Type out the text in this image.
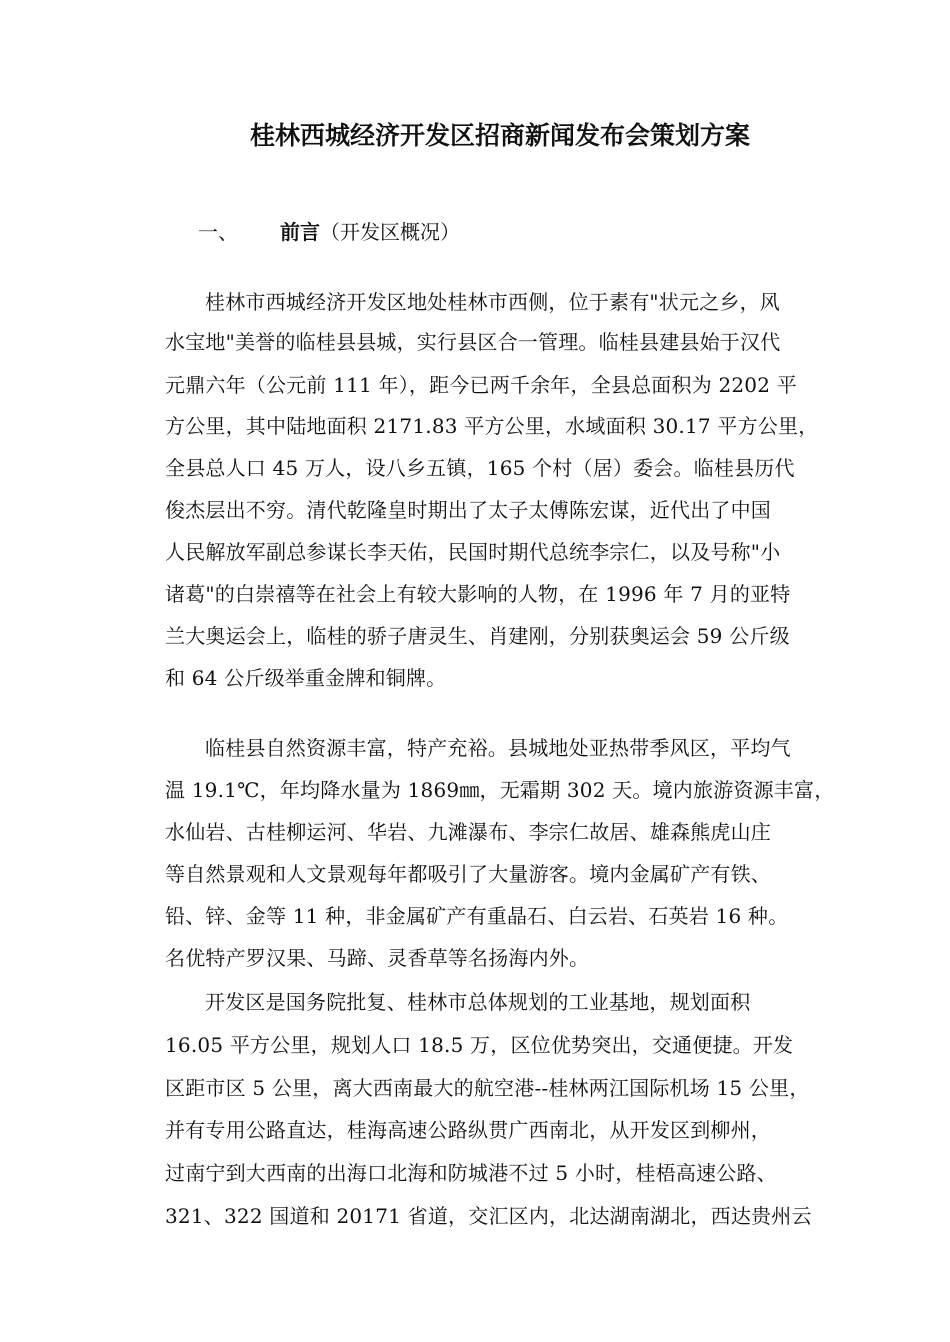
桂林西城经济开发区招商新闻发布会策划方案
一、 前言（开发区概况）
桂林市西城经济开发区地处桂林市西侧，位于素有"状元之乡，风
水宝地"美誉的临桂县县城，实行县区合一管理。临桂县建县始于汉代
元鼎六年（公元前 111 年），距今已两千余年，全县总面积为 2202 平
方公里，其中陆地面积 2171.83 平方公里，水域面积 30.17 平方公里，
全县总人口 45 万人，设八乡五镇，165 个村（居）委会。临桂县历代
俊杰层出不穷。清代乾隆皇时期出了太子太傅陈宏谋，近代出了中国
人民解放军副总参谋长李天佑，民国时期代总统李宗仁，以及号称"小
诸葛"的白崇禧等在社会上有较大影响的人物，在 1996 年 7 月的亚特
兰大奥运会上，临桂的骄子唐灵生、肖建刚，分别获奥运会 59 公斤级
和 64 公斤级举重金牌和铜牌。
临桂县自然资源丰富，特产充裕。县城地处亚热带季风区，平均气
温 19.1℃，年均降水量为 1869㎜，无霜期 302 天。境内旅游资源丰富，
水仙岩、古桂柳运河、华岩、九滩瀑布、李宗仁故居、雄森熊虎山庄
等自然景观和人文景观每年都吸引了大量游客。境内金属矿产有铁、
铅、锌、金等 11 种，非金属矿产有重晶石、白云岩、石英岩 16 种。
名优特产罗汉果、马蹄、灵香草等名扬海内外。
开发区是国务院批复、桂林市总体规划的工业基地，规划面积
16.05 平方公里，规划人口 18.5 万，区位优势突出，交通便捷。开发
区距市区 5 公里，离大西南最大的航空港--桂林两江国际机场 15 公里，
并有专用公路直达，桂海高速公路纵贯广西南北，从开发区到柳州，
过南宁到大西南的出海口北海和防城港不过 5 小时，桂梧高速公路、
321、322 国道和 20171 省道，交汇区内，北达湖南湖北，西达贵州云
